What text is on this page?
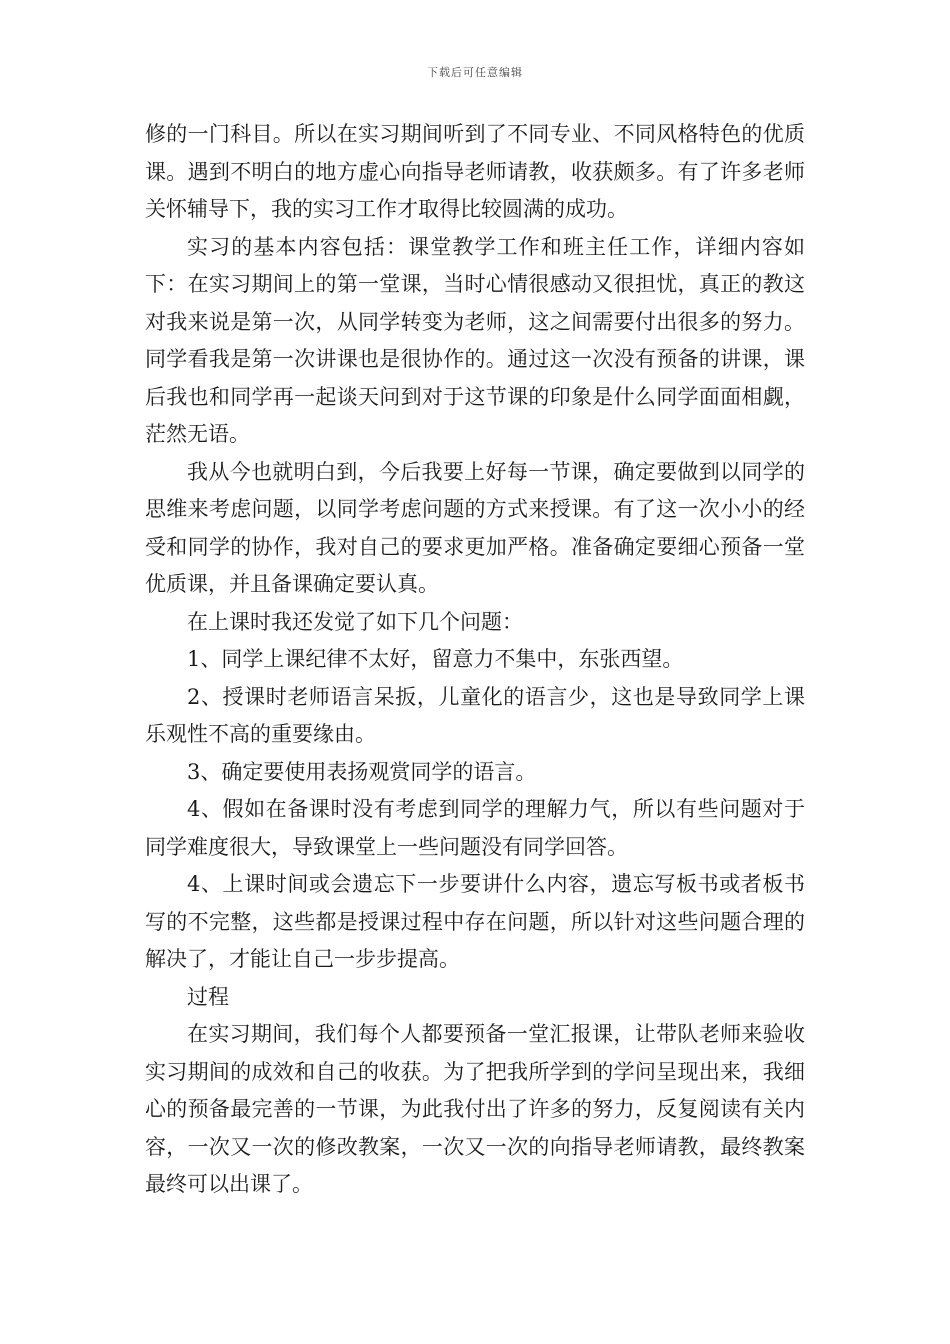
下载后可任意编辑

修的一门科目。所以在实习期间听到了不同专业、不同风格特色的优质课。遇到不明白的地方虚心向指导老师请教，收获颇多。有了许多老师关怀辅导下，我的实习工作才取得比较圆满的成功。

实习的基本内容包括：课堂教学工作和班主任工作，详细内容如下：在实习期间上的第一堂课，当时心情很感动又很担忧，真正的教这对我来说是第一次，从同学转变为老师，这之间需要付出很多的努力。同学看我是第一次讲课也是很协作的。通过这一次没有预备的讲课，课后我也和同学再一起谈天问到对于这节课的印象是什么同学面面相觑，茫然无语。

我从今也就明白到，今后我要上好每一节课，确定要做到以同学的思维来考虑问题，以同学考虑问题的方式来授课。有了这一次小小的经受和同学的协作，我对自己的要求更加严格。准备确定要细心预备一堂优质课，并且备课确定要认真。

在上课时我还发觉了如下几个问题：

1、同学上课纪律不太好，留意力不集中，东张西望。

2、授课时老师语言呆扳，儿童化的语言少，这也是导致同学上课乐观性不高的重要缘由。

3、确定要使用表扬观赏同学的语言。

4、假如在备课时没有考虑到同学的理解力气，所以有些问题对于同学难度很大，导致课堂上一些问题没有同学回答。

4、上课时间或会遗忘下一步要讲什么内容，遗忘写板书或者板书写的不完整，这些都是授课过程中存在问题，所以针对这些问题合理的解决了，才能让自己一步步提高。

过程

在实习期间，我们每个人都要预备一堂汇报课，让带队老师来验收实习期间的成效和自己的收获。为了把我所学到的学问呈现出来，我细心的预备最完善的一节课，为此我付出了许多的努力，反复阅读有关内容，一次又一次的修改教案，一次又一次的向指导老师请教，最终教案最终可以出课了。
